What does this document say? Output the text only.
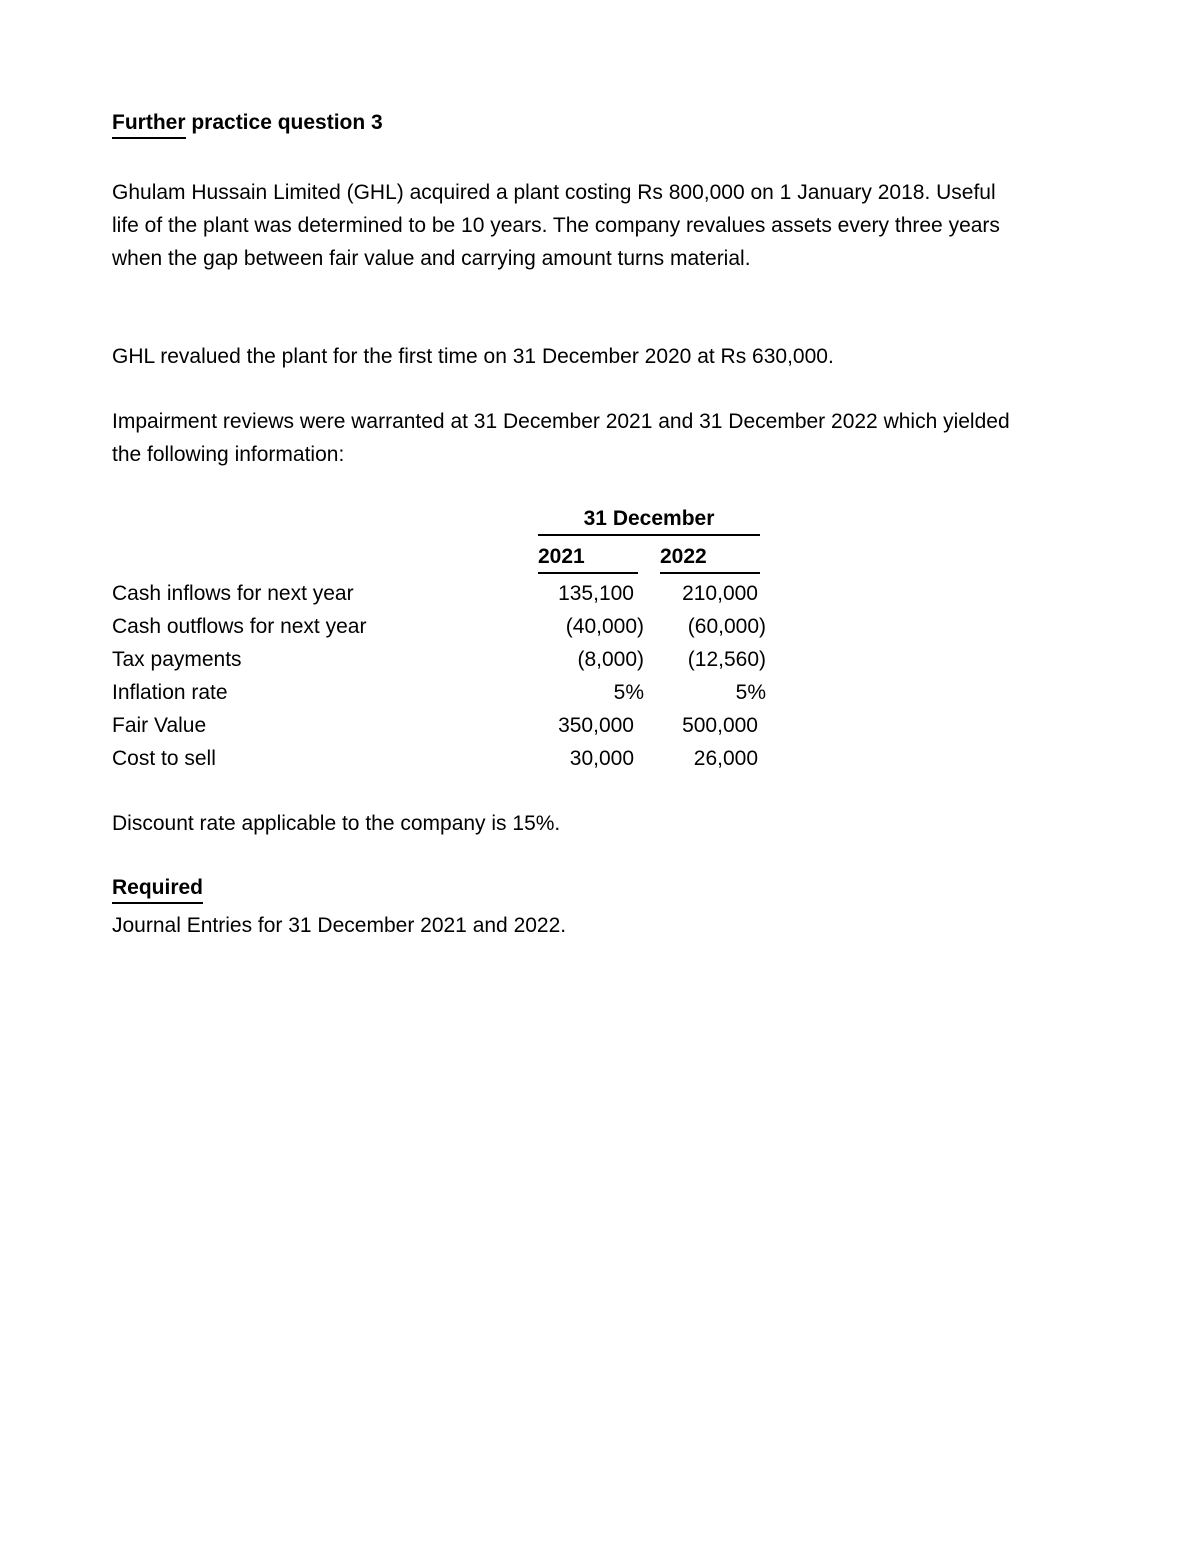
Further practice question 3

Ghulam Hussain Limited (GHL) acquired a plant costing Rs 800,000 on 1 January 2018. Useful life of the plant was determined to be 10 years. The company revalues assets every three years when the gap between fair value and carrying amount turns material.

GHL revalued the plant for the first time on 31 December 2020 at Rs 630,000.

Impairment reviews were warranted at 31 December 2021 and 31 December 2022 which yielded the following information:

31 December
2021	2022
Cash inflows for next year	135,100	210,000
Cash outflows for next year	(40,000)	(60,000)
Tax payments	(8,000)	(12,560)
Inflation rate	5%	5%
Fair Value	350,000	500,000
Cost to sell	30,000	26,000

Discount rate applicable to the company is 15%.

Required

Journal Entries for 31 December 2021 and 2022.
